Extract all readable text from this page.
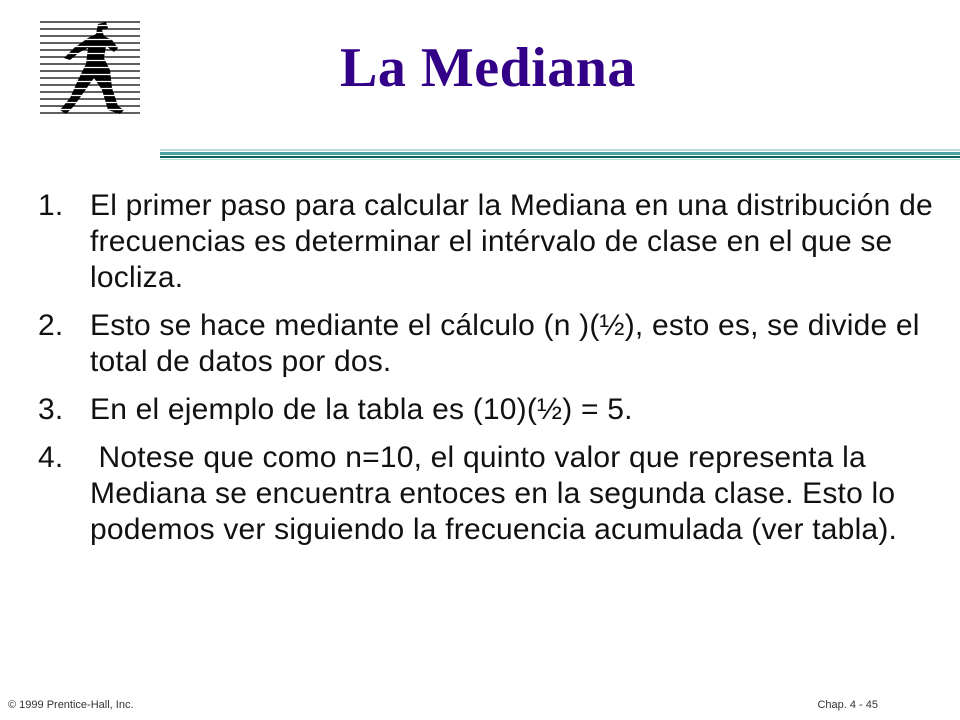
La Mediana
1. El primer paso para calcular la Mediana en una distribución de frecuencias es determinar el intérvalo de clase en el que se locliza.
2. Esto se hace mediante el cálculo (n )(½), esto es, se divide el total de datos por dos.
3. En el ejemplo de la tabla es (10)(½) = 5.
4. Notese que como n=10, el quinto valor que representa la Mediana se encuentra entoces en la segunda clase. Esto lo podemos ver siguiendo la frecuencia acumulada (ver tabla).
© 1999 Prentice-Hall, Inc.	Chap. 4 - 45
